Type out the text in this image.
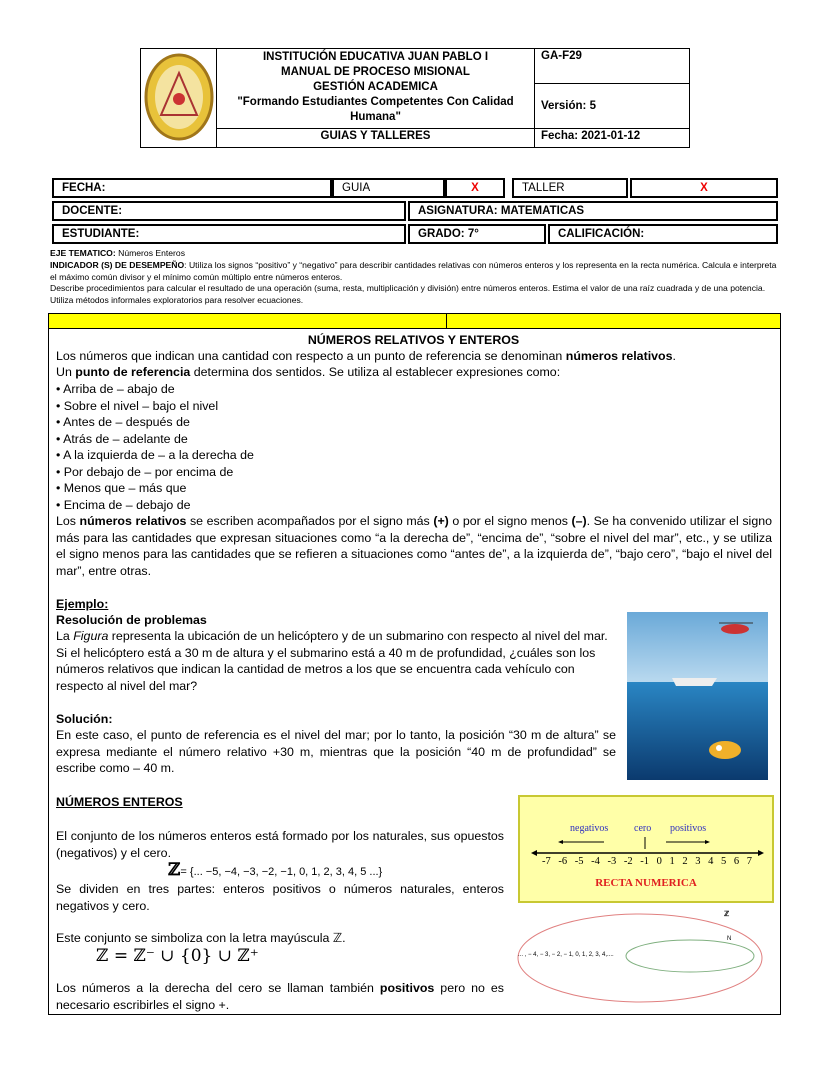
INSTITUCIÓN EDUCATIVA JUAN PABLO I
MANUAL DE PROCESO MISIONAL
GESTIÓN ACADEMICA
"Formando Estudiantes Competentes Con Calidad Humana"	GA-F29
		Versión: 5
	GUIAS Y TALLERES	Fecha: 2021-01-12
FECHA:	GUIA	X	TALLER	X
DOCENTE:	ASIGNATURA: MATEMATICAS
ESTUDIANTE:	GRADO: 7°	CALIFICACIÓN:
EJE TEMATICO: Números Enteros
INDICADOR (S) DE DESEMPEÑO: Utiliza los signos “positivo” y “negativo” para describir cantidades relativas con números enteros y los representa en la recta numérica. Calcula e interpreta el máximo común divisor y el mínimo común múltiplo entre números enteros.
Describe procedimientos para calcular el resultado de una operación (suma, resta, multiplicación y división) entre números enteros. Estima el valor de una raíz cuadrada y de una potencia. Utiliza métodos informales exploratorios para resolver ecuaciones.
NÚMEROS RELATIVOS Y ENTEROS
Los números que indican una cantidad con respecto a un punto de referencia se denominan números relativos.
Un punto de referencia determina dos sentidos. Se utiliza al establecer expresiones como:
• Arriba de – abajo de
• Sobre el nivel – bajo el nivel
• Antes de – después de
• Atrás de – adelante de
• A la izquierda de – a la derecha de
• Por debajo de – por encima de
• Menos que – más que
• Encima de – debajo de
Los números relativos se escriben acompañados por el signo más (+) o por el signo menos (–). Se ha convenido utilizar el signo más para las cantidades que expresan situaciones como “a la derecha de”, “encima de”, “sobre el nivel del mar”, etc., y se utiliza el signo menos para las cantidades que se refieren a situaciones como “antes de”, a la izquierda de”, “bajo cero”, “bajo el nivel del mar”, entre otras.
Ejemplo:
Resolución de problemas
La Figura representa la ubicación de un helicóptero y de un submarino con respecto al nivel del mar. Si el helicóptero está a 30 m de altura y el submarino está a 40 m de profundidad, ¿cuáles son los números relativos que indican la cantidad de metros a los que se encuentra cada vehículo con respecto al nivel del mar?
Solución:
En este caso, el punto de referencia es el nivel del mar; por lo tanto, la posición “30 m de altura” se expresa mediante el número relativo +30 m, mientras que la posición “40 m de profundidad” se escribe como – 40 m.
NÚMEROS ENTEROS
El conjunto de los números enteros está formado por los naturales, sus opuestos (negativos) y el cero.
ℤ= {... −5, −4, −3, −2, −1, 0, 1, 2, 3, 4, 5 ...}
Se dividen en tres partes: enteros positivos o números naturales, enteros negativos y cero.
Este conjunto se simboliza con la letra mayúscula ℤ.
ℤ = ℤ⁻ ∪ {0} ∪ ℤ⁺
Los números a la derecha del cero se llaman también positivos pero no es necesario escribirles el signo +.
negativos	cero positivos
-7 -6 -5 -4 -3 -2 -1 0 1 2 3 4 5 6 7
RECTA NUMERICA
ℤ
N
... , − 4, − 3, − 2, − 1, 0, 1, 2, 3, 4,....
